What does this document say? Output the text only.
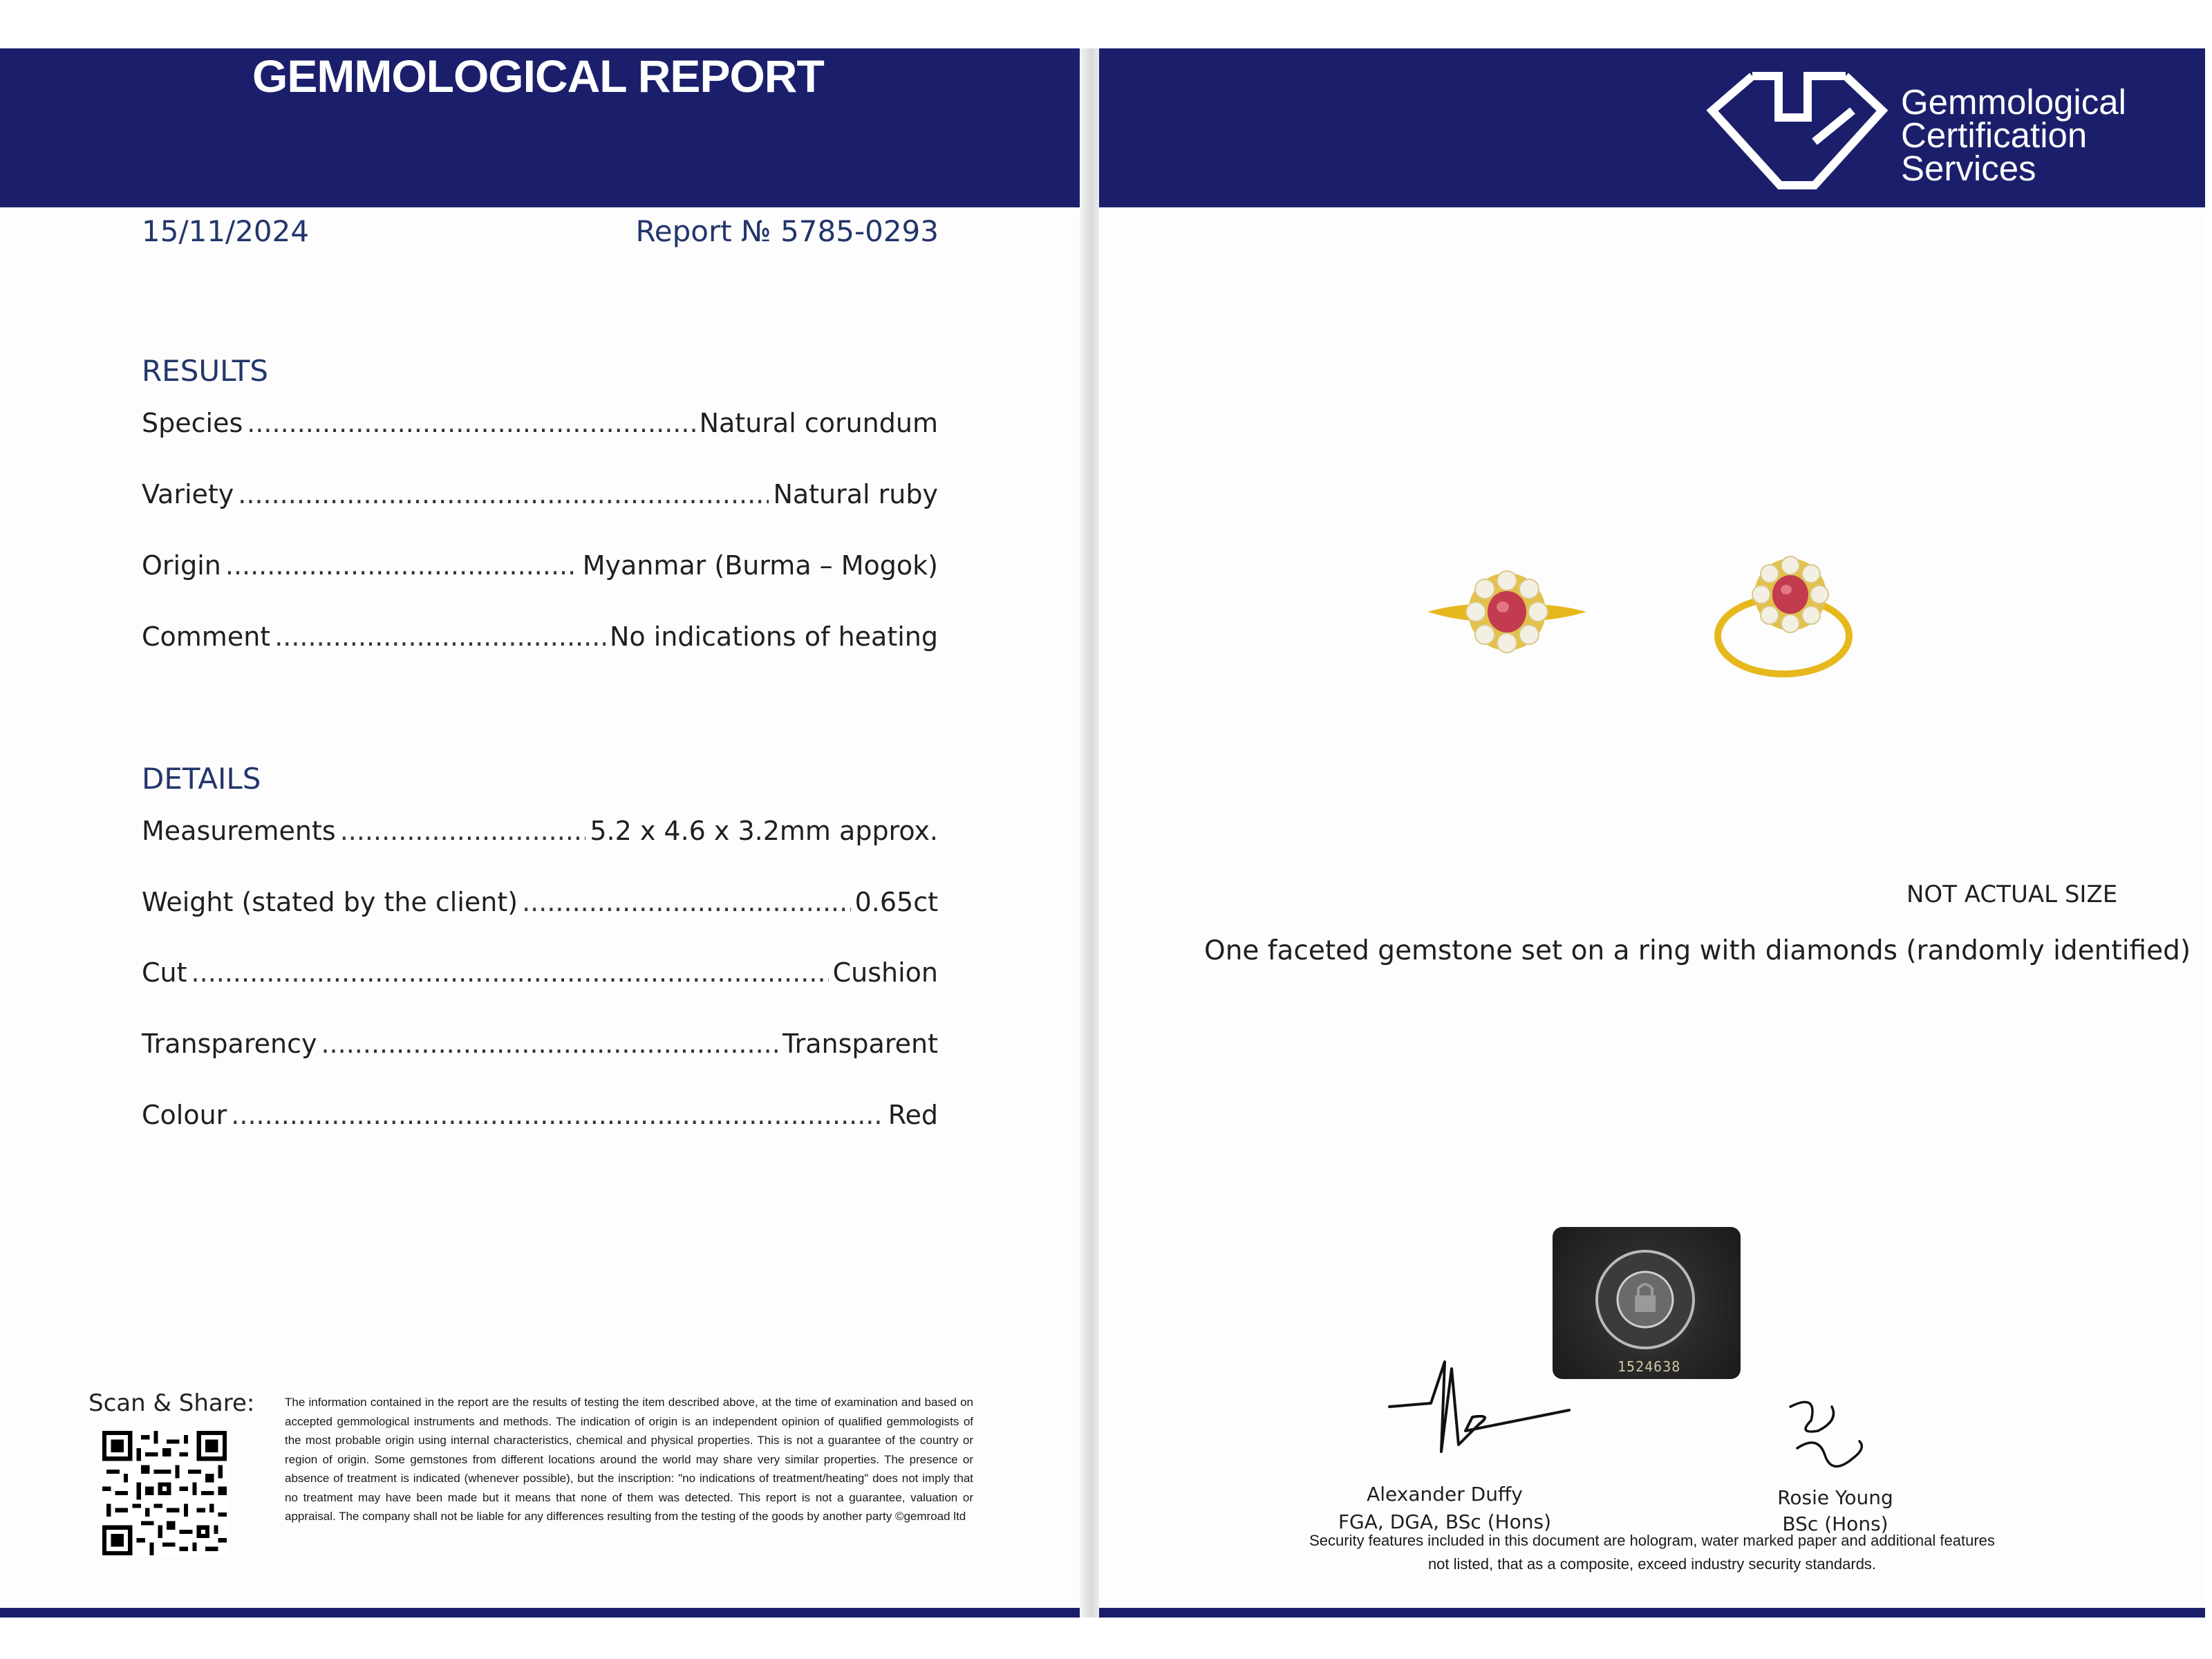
GEMMOLOGICAL REPORT
15/11/2024	Report № 5785-0293
RESULTS
Species .....	Natural corundum
Variety .....	Natural ruby
Origin .....	Myanmar (Burma – Mogok)
Comment .....	No indications of heating
DETAILS
Measurements .....	5.2 x 4.6 x 3.2mm approx.
Weight (stated by the client) .....	0.65ct
Cut .....	Cushion
Transparency .....	Transparent
Colour .....	Red
Scan & Share:	The information contained in the report are the results of testing the item described above, at the time of examination and based on accepted gemmological instruments and methods. The indication of origin is an independent opinion of qualified gemmologists of the most probable origin using internal characteristics, chemical and physical properties. This is not a guarantee of the country or region of origin. Some gemstones from different locations around the world may share very similar properties. The presence or absence of treatment is indicated (whenever possible), but the inscription: "no indications of treatment/heating" does not imply that no treatment may have been made but it means that none of them was detected. This report is not a guarantee, valuation or appraisal. The company shall not be liable for any differences resulting from the testing of the goods by another party ©gemroad ltd
Gemmological
Certification
Services
NOT ACTUAL SIZE
One faceted gemstone set on a ring with diamonds (randomly identified)
1524638
Alexander Duffy
FGA, DGA, BSc (Hons)
Rosie Young
BSc (Hons)
Security features included in this document are hologram, water marked paper and additional features not listed, that as a composite, exceed industry security standards.
